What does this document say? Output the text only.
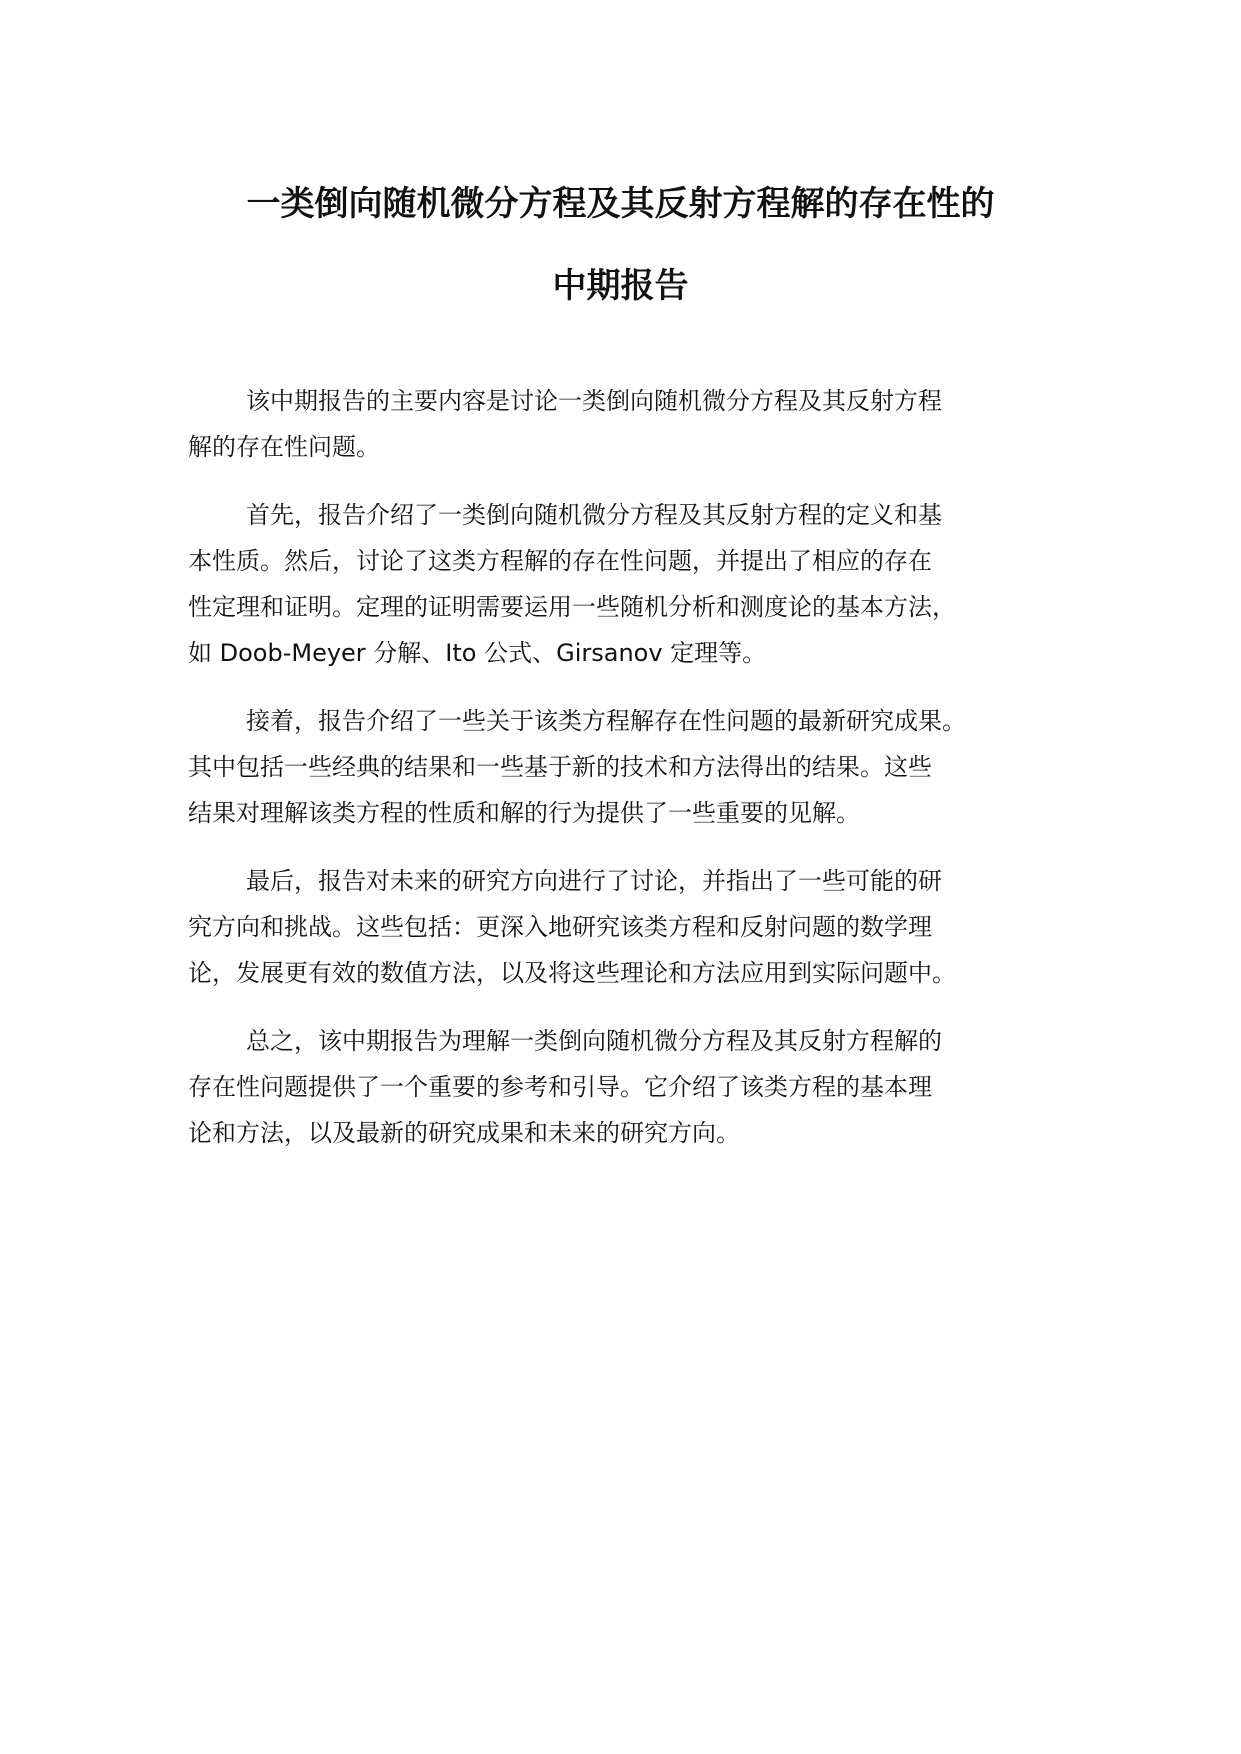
一类倒向随机微分方程及其反射方程解的存在性的
中期报告

该中期报告的主要内容是讨论一类倒向随机微分方程及其反射方程
解的存在性问题。

首先，报告介绍了一类倒向随机微分方程及其反射方程的定义和基
本性质。然后，讨论了这类方程解的存在性问题，并提出了相应的存在
性定理和证明。定理的证明需要运用一些随机分析和测度论的基本方法，
如 Doob-Meyer 分解、Ito 公式、Girsanov 定理等。

接着，报告介绍了一些关于该类方程解存在性问题的最新研究成果。
其中包括一些经典的结果和一些基于新的技术和方法得出的结果。这些
结果对理解该类方程的性质和解的行为提供了一些重要的见解。

最后，报告对未来的研究方向进行了讨论，并指出了一些可能的研
究方向和挑战。这些包括：更深入地研究该类方程和反射问题的数学理
论，发展更有效的数值方法，以及将这些理论和方法应用到实际问题中。

总之，该中期报告为理解一类倒向随机微分方程及其反射方程解的
存在性问题提供了一个重要的参考和引导。它介绍了该类方程的基本理
论和方法，以及最新的研究成果和未来的研究方向。
